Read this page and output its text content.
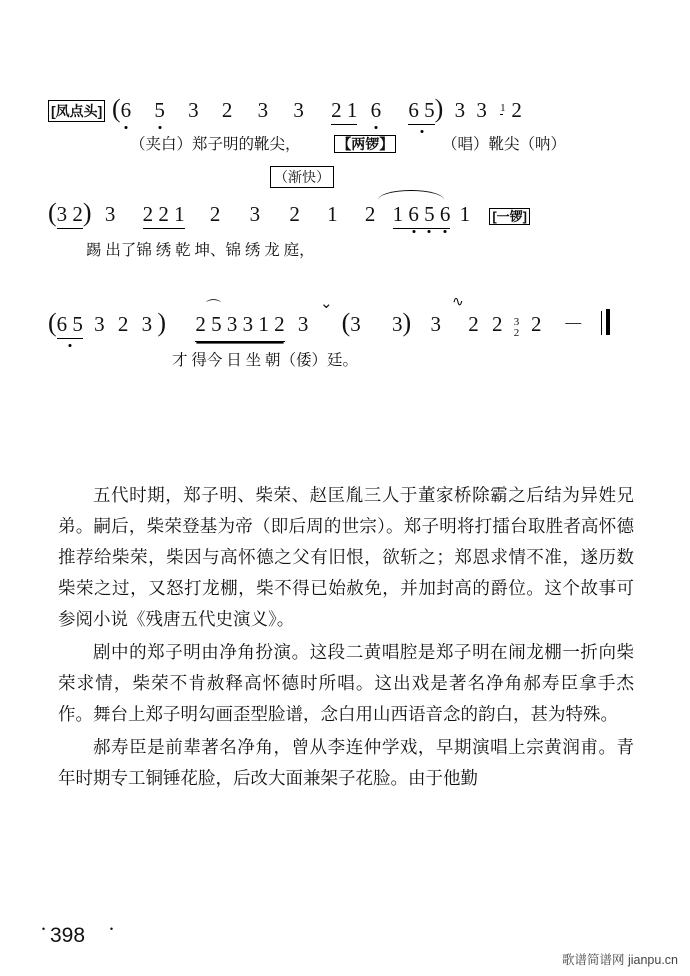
[凤点头] (6 5 3 2 3 3 2 1 6 6 5) 3 3 1
2
（夹白）郑子明的靴尖，	【两锣】	（唱）靴尖（呐）
（渐快）
(3 2) 3 2 2 1 2 3 2 1 2 1 6 5 6 1 [一锣]
踢 出了锦 绣 乾 坤、锦 绣 龙 庭，
(6 5 3 2 3 ) 2 5 3 3 1 2 3 (3 3) 3 2 2 3
2 2 －
⌒	⌄	∿
才 得今 日 坐 朝（倭）廷。

五代时期，郑子明、柴荣、赵匡胤三人于董家桥除霸之后结为异姓兄弟。嗣后，柴荣登基为帝（即后周的世宗）。郑子明将打擂台取胜者高怀德推荐给柴荣，柴因与高怀德之父有旧恨，欲斩之；郑恩求情不准，遂历数柴荣之过，又怒打龙棚，柴不得已始赦免，并加封高的爵位。这个故事可参阅小说《残唐五代史演义》。

剧中的郑子明由净角扮演。这段二黄唱腔是郑子明在闹龙棚一折向柴荣求情，柴荣不肯赦释高怀德时所唱。这出戏是著名净角郝寿臣拿手杰作。舞台上郑子明勾画歪型脸谱，念白用山西语音念的韵白，甚为特殊。

郝寿臣是前辈著名净角，曾从李连仲学戏，早期演唱上宗黄润甫。青年时期专工铜锤花脸，后改大面兼架子花脸。由于他勤

· 398 ·
歌谱简谱网 jianpu.cn
